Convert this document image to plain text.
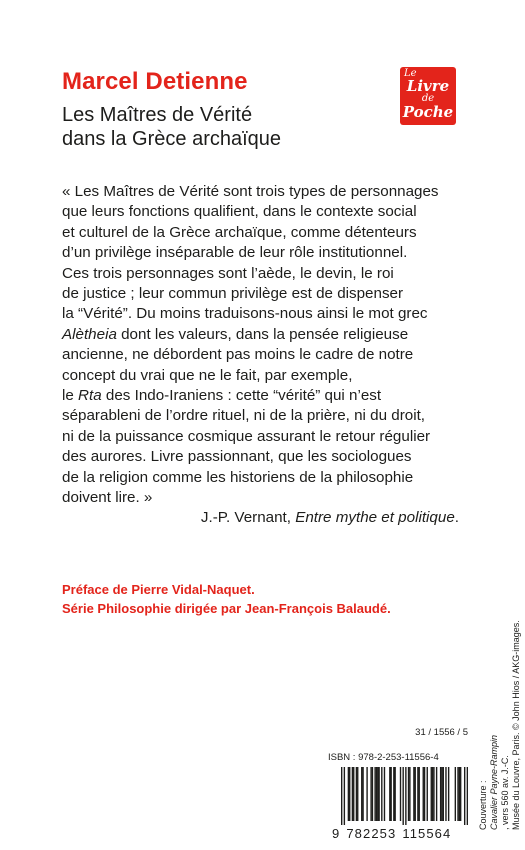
Marcel Detienne
Les Maîtres de Vérité
dans la Grèce archaïque
Le
Livre
de
Poche

« Les Maîtres de Vérité sont trois types de personnages
que leurs fonctions qualifient, dans le contexte social
et culturel de la Grèce archaïque, comme détenteurs
d’un privilège inséparable de leur rôle institutionnel.
Ces trois personnages sont l’aède, le devin, le roi
de justice ; leur commun privilège est de dispenser
la “Vérité”. Du moins traduisons-nous ainsi le mot grec
Alètheia dont les valeurs, dans la pensée religieuse
ancienne, ne débordent pas moins le cadre de notre
concept du vrai que ne le fait, par exemple,
le Rta des Indo-Iraniens : cette “vérité” qui n’est
séparableni de l’ordre rituel, ni de la prière, ni du droit,
ni de la puissance cosmique assurant le retour régulier
des aurores. Livre passionnant, que les sociologues
de la religion comme les historiens de la philosophie
doivent lire. »

J.-P. Vernant, Entre mythe et politique.

Préface de Pierre Vidal-Naquet.
Série Philosophie dirigée par Jean-François Balaudé.

Couverture : Cavalier Payne-Rampin , vers 560 av. J.-C. Musée du Louvre, Paris. © John Hios / AKG-images.
31 / 1556 / 5
ISBN : 978-2-253-11556-4
9 782253 115564
